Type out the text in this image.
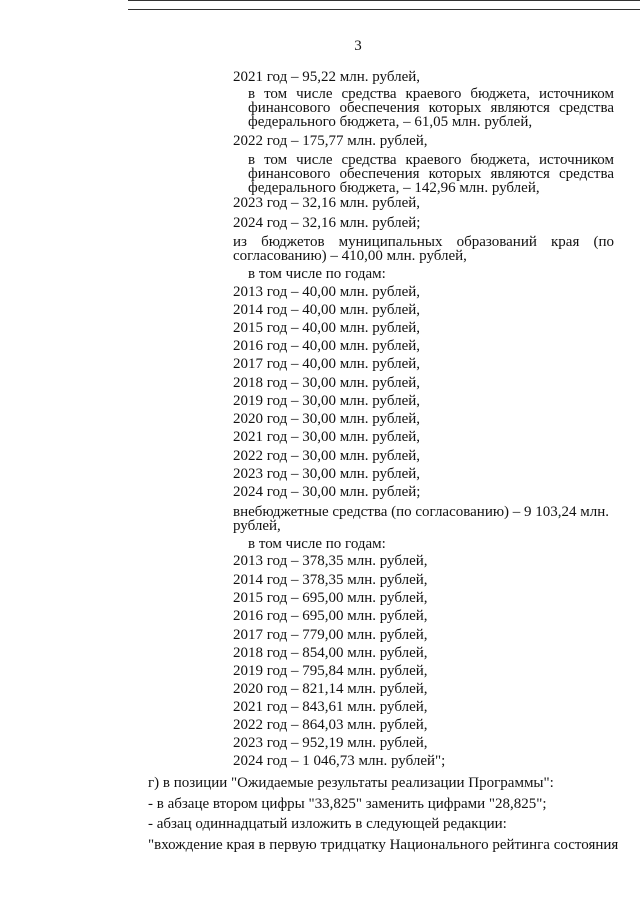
3
2021 год – 95,22 млн. рублей,
в том числе средства краевого бюджета, источником финансового обеспечения которых являются средства федерального бюджета, – 61,05 млн. рублей,
2022 год – 175,77 млн. рублей,
в том числе средства краевого бюджета, источником финансового обеспечения которых являются средства федерального бюджета, – 142,96 млн. рублей,
2023 год – 32,16 млн. рублей,
2024 год – 32,16 млн. рублей;
из бюджетов муниципальных образований края (по согласованию) – 410,00 млн. рублей,
в том числе по годам:
2013 год – 40,00 млн. рублей,
2014 год – 40,00 млн. рублей,
2015 год – 40,00 млн. рублей,
2016 год – 40,00 млн. рублей,
2017 год – 40,00 млн. рублей,
2018 год – 30,00 млн. рублей,
2019 год – 30,00 млн. рублей,
2020 год – 30,00 млн. рублей,
2021 год – 30,00 млн. рублей,
2022 год – 30,00 млн. рублей,
2023 год – 30,00 млн. рублей,
2024 год – 30,00 млн. рублей;
внебюджетные средства (по согласованию) – 9 103,24 млн. рублей,
в том числе по годам:
2013 год – 378,35 млн. рублей,
2014 год – 378,35 млн. рублей,
2015 год – 695,00 млн. рублей,
2016 год – 695,00 млн. рублей,
2017 год – 779,00 млн. рублей,
2018 год – 854,00 млн. рублей,
2019 год – 795,84 млн. рублей,
2020 год – 821,14 млн. рублей,
2021 год – 843,61 млн. рублей,
2022 год – 864,03 млн. рублей,
2023 год – 952,19 млн. рублей,
2024 год – 1 046,73 млн. рублей";
г) в позиции "Ожидаемые результаты реализации Программы":
- в абзаце втором цифры "33,825" заменить цифрами "28,825";
- абзац одиннадцатый изложить в следующей редакции:
"вхождение края в первую тридцатку Национального рейтинга состояния
